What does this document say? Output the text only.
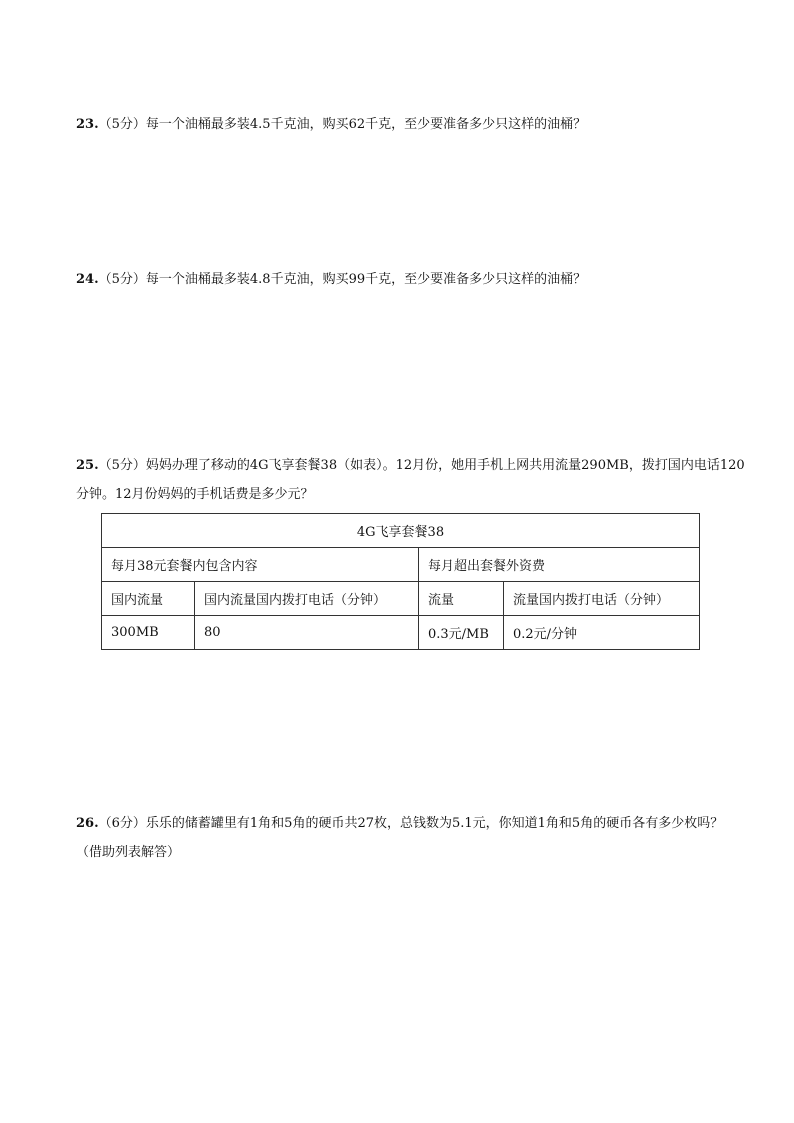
23.（5分）每一个油桶最多装4.5千克油，购买62千克，至少要准备多少只这样的油桶？

24.（5分）每一个油桶最多装4.8千克油，购买99千克，至少要准备多少只这样的油桶？

25.（5分）妈妈办理了移动的4G飞享套餐38（如表）。12月份，她用手机上网共用流量290MB，拨打国内电话120分钟。12月份妈妈的手机话费是多少元？

4G飞享套餐38			
每月38元套餐内包含内容		每月超出套餐外资费	
国内流量	国内流量国内拨打电话（分钟）	流量	流量国内拨打电话（分钟）
300MB	80	0.3元/MB	0.2元/分钟

26.（6分）乐乐的储蓄罐里有1角和5角的硬币共27枚，总钱数为5.1元，你知道1角和5角的硬币各有多少枚吗？（借助列表解答）
